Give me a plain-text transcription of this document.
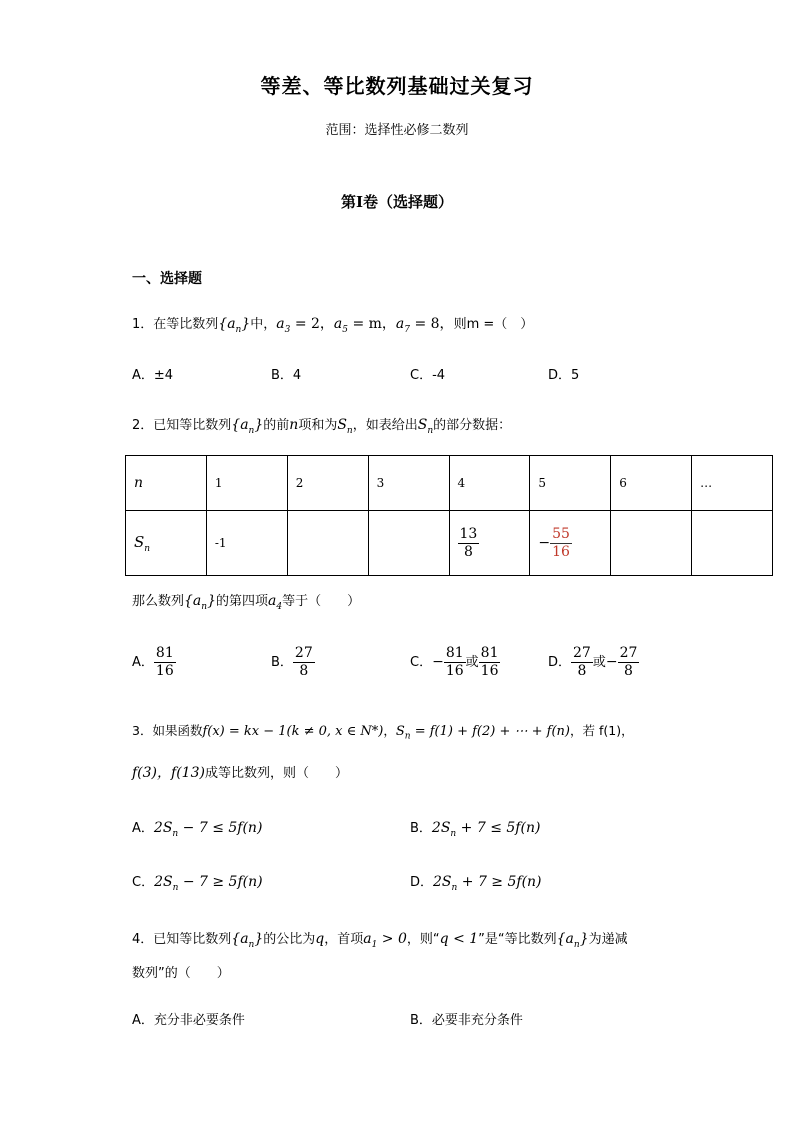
等差、等比数列基础过关复习
范围：选择性必修二数列
第Ⅰ卷（选择题）
一、选择题
1．在等比数列$\{a_n\}$中，$a_3 = 2$，$a_5 = m$，$a_7 = 8$，则m =（　）
A．±4	B．4	C．-4	D．5
2．已知等比数列$\{a_n\}$的前n项和为$S_n$，如表给出$S_n$的部分数据：
n	1	2	3	4	5	6	…
$S_n$	-1			$\frac{13}{8}$	− $\frac{55}{16}$

那么数列$\{a_n\}$的第四项$a_4$等于（　　）
A． $\frac{81}{16}$	B． $\frac{27}{8}$	C．− $\frac{81}{16}$ 或 $\frac{81}{16}$	D． $\frac{27}{8}$ 或− $\frac{27}{8}$
3．如果函数f(x) = kx − 1(k ≠ 0, x ∈ N*)，$S_n = f(1) + f(2)$ + ⋯ + f(n)，若 f(1)，
f(3)，f(13)成等比数列，则（　　）
A．$2S_n - 7 \le 5f(n)$	B．$2S_n + 7 \le 5f(n)$
C．$2S_n - 7 \ge 5f(n)$	D．$2S_n + 7 \ge 5f(n)$
4．已知等比数列$\{a_n\}$的公比为q，首项$a_1 > 0$，则“q < 1”是“等比数列$\{a_n\}$为递减
数列”的（　　）
A．充分非必要条件	B．必要非充分条件
